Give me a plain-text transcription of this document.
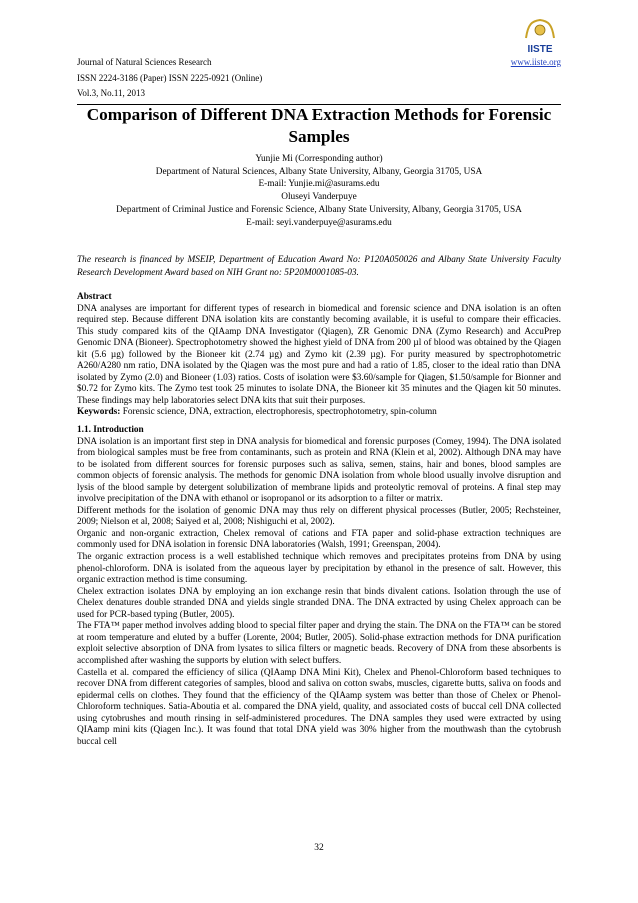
Journal of Natural Sciences Research
ISSN 2224-3186 (Paper) ISSN 2225-0921 (Online)
Vol.3, No.11, 2013
www.iiste.org
IISTE
Comparison of Different DNA Extraction Methods for Forensic Samples
Yunjie Mi (Corresponding author)
Department of Natural Sciences, Albany State University, Albany, Georgia 31705, USA
E-mail: Yunjie.mi@asurams.edu
Oluseyi Vanderpuye
Department of Criminal Justice and Forensic Science, Albany State University, Albany, Georgia 31705, USA
E-mail: seyi.vanderpuye@asurams.edu
The research is financed by MSEIP, Department of Education Award No: P120A050026 and Albany State University Faculty Research Development Award based on NIH Grant no: 5P20M0001085-03.

Abstract

DNA analyses are important for different types of research in biomedical and forensic science and DNA isolation is an often required step. Because different DNA isolation kits are constantly becoming available, it is useful to compare their efficacies. This study compared kits of the QIAamp DNA Investigator (Qiagen), ZR Genomic DNA (Zymo Research) and AccuPrep Genomic DNA (Bioneer). Spectrophotometry showed the highest yield of DNA from 200 µl of blood was obtained by the Qiagen kit (5.6 µg) followed by the Bioneer kit (2.74 µg) and Zymo kit (2.39 µg). For purity measured by spectrophotometric A260/A280 nm ratio, DNA isolated by the Qiagen was the most pure and had a ratio of 1.85, closer to the ideal ratio than DNA isolated by Zymo (2.0) and Bioneer (1.03) ratios. Costs of isolation were $3.60/sample for Qiagen, $1.50/sample for Bionner and $0.72 for Zymo kits. The Zymo test took 25 minutes to isolate DNA, the Bioneer kit 35 minutes and the Qiagen kit 50 minutes. These findings may help laboratories select DNA kits that suit their purposes.

Keywords: Forensic science, DNA, extraction, electrophoresis, spectrophotometry, spin-column

1.1. Introduction

DNA isolation is an important first step in DNA analysis for biomedical and forensic purposes (Comey, 1994). The DNA isolated from biological samples must be free from contaminants, such as protein and RNA (Klein et al, 2002). Although DNA may have to be isolated from different sources for forensic purposes such as saliva, semen, stains, hair and bones, blood samples are common objects of forensic analysis. The methods for genomic DNA isolation from whole blood usually involve disruption and lysis of the blood sample by detergent solubilization of membrane lipids and proteolytic removal of proteins. A final step may involve precipitation of the DNA with ethanol or isopropanol or its adsorption to a filter or matrix.

Different methods for the isolation of genomic DNA may thus rely on different physical processes (Butler, 2005; Rechsteiner, 2009; Nielson et al, 2008; Saiyed et al, 2008; Nishiguchi et al, 2002).

Organic and non-organic extraction, Chelex removal of cations and FTA paper and solid-phase extraction techniques are commonly used for DNA isolation in forensic DNA laboratories (Walsh, 1991; Greenspan, 2004).

The organic extraction process is a well established technique which removes and precipitates proteins from DNA by using phenol-chloroform. DNA is isolated from the aqueous layer by precipitation by ethanol in the presence of salt. However, this organic extraction method is time consuming.

Chelex extraction isolates DNA by employing an ion exchange resin that binds divalent cations. Isolation through the use of Chelex denatures double stranded DNA and yields single stranded DNA. The DNA extracted by using Chelex approach can be used for PCR-based typing (Butler, 2005).

The FTA™ paper method involves adding blood to special filter paper and drying the stain. The DNA on the FTA™ can be stored at room temperature and eluted by a buffer (Lorente, 2004; Butler, 2005). Solid-phase extraction methods for DNA purification exploit selective absorption of DNA from lysates to silica filters or magnetic beads. Recovery of DNA from these absorbents is accomplished after washing the supports by elution with select buffers.

Castella et al. compared the efficiency of silica (QIAamp DNA Mini Kit), Chelex and Phenol-Chloroform based techniques to recover DNA from different categories of samples, blood and saliva on cotton swabs, muscles, cigarette butts, saliva on foods and epidermal cells on clothes. They found that the efficiency of the QIAamp system was better than those of Chelex or Phenol-Chloroform techniques. Satia-Aboutia et al. compared the DNA yield, quality, and associated costs of buccal cell DNA collected using cytobrushes and mouth rinsing in self-administered procedures. The DNA samples they used were extracted by using QIAamp mini kits (Qiagen Inc.). It was found that total DNA yield was 30% higher from the mouthwash than the cytobrush buccal cell

32
